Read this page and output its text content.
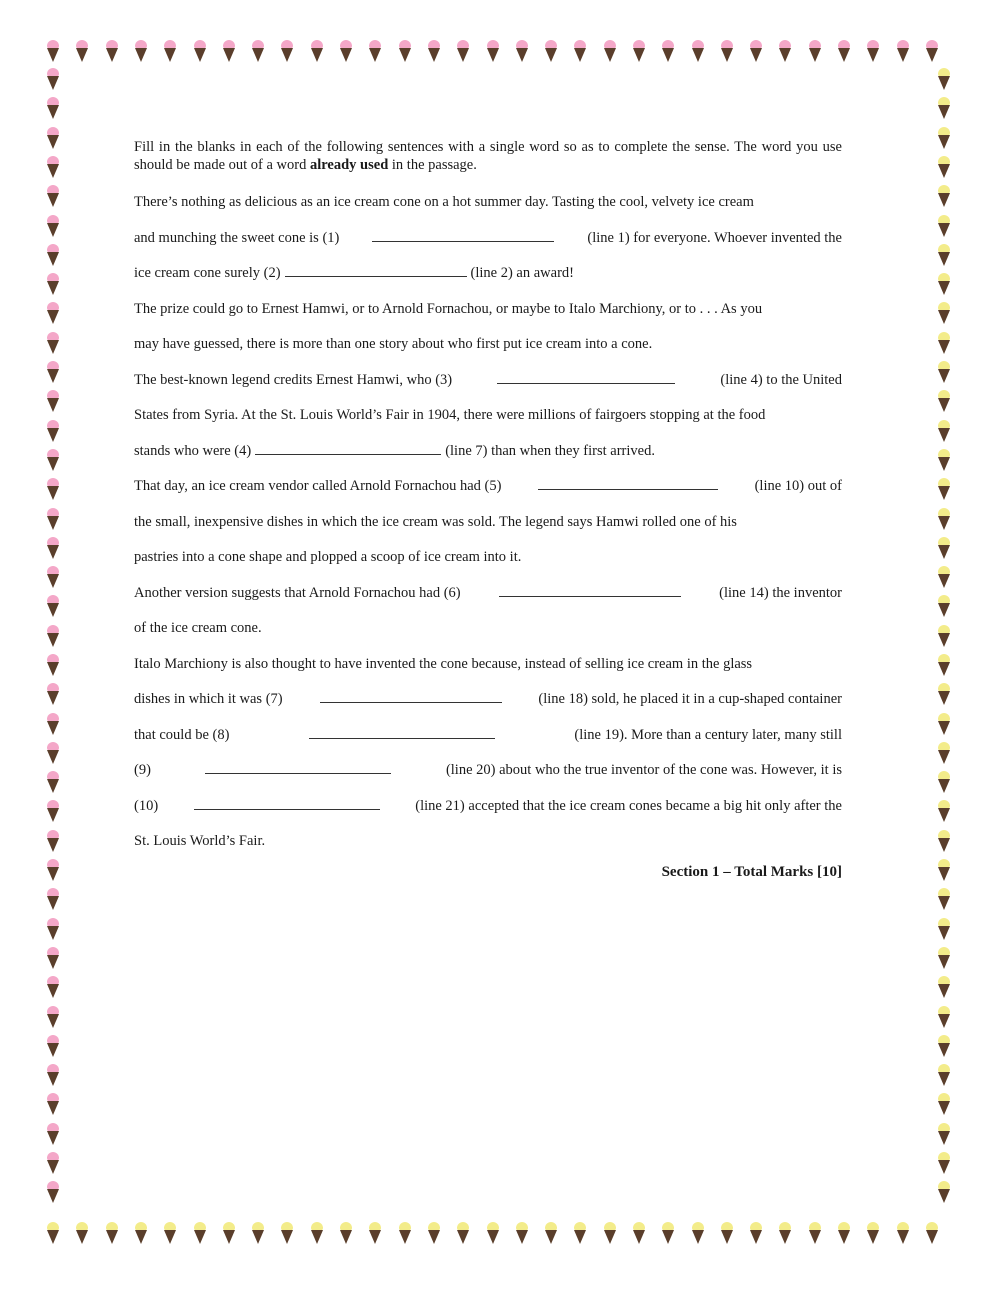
Fill in the blanks in each of the following sentences with a single word so as to complete the sense. The word you use should be made out of a word already used in the passage.

There’s nothing as delicious as an ice cream cone on a hot summer day. Tasting the cool, velvety ice cream
and munching the sweet cone is (1)	(line 1) for everyone. Whoever invented the
ice cream cone surely (2)	(line 2) an award!
The prize could go to Ernest Hamwi, or to Arnold Fornachou, or maybe to Italo Marchiony, or to . . . As you
may have guessed, there is more than one story about who first put ice cream into a cone.
The best-known legend credits Ernest Hamwi, who (3)	(line 4) to the United
States from Syria. At the St. Louis World’s Fair in 1904, there were millions of fairgoers stopping at the food
stands who were (4)	(line 7) than when they first arrived.
That day, an ice cream vendor called Arnold Fornachou had (5)	(line 10) out of
the small, inexpensive dishes in which the ice cream was sold. The legend says Hamwi rolled one of his
pastries into a cone shape and plopped a scoop of ice cream into it.
Another version suggests that Arnold Fornachou had (6)	(line 14) the inventor
of the ice cream cone.
Italo Marchiony is also thought to have invented the cone because, instead of selling ice cream in the glass
dishes in which it was (7)	(line 18) sold, he placed it in a cup-shaped container
that could be (8)	(line 19). More than a century later, many still
(9)	(line 20) about who the true inventor of the cone was. However, it is
(10)	(line 21) accepted that the ice cream cones became a big hit only after the
St. Louis World’s Fair.
Section 1 – Total Marks [10]
